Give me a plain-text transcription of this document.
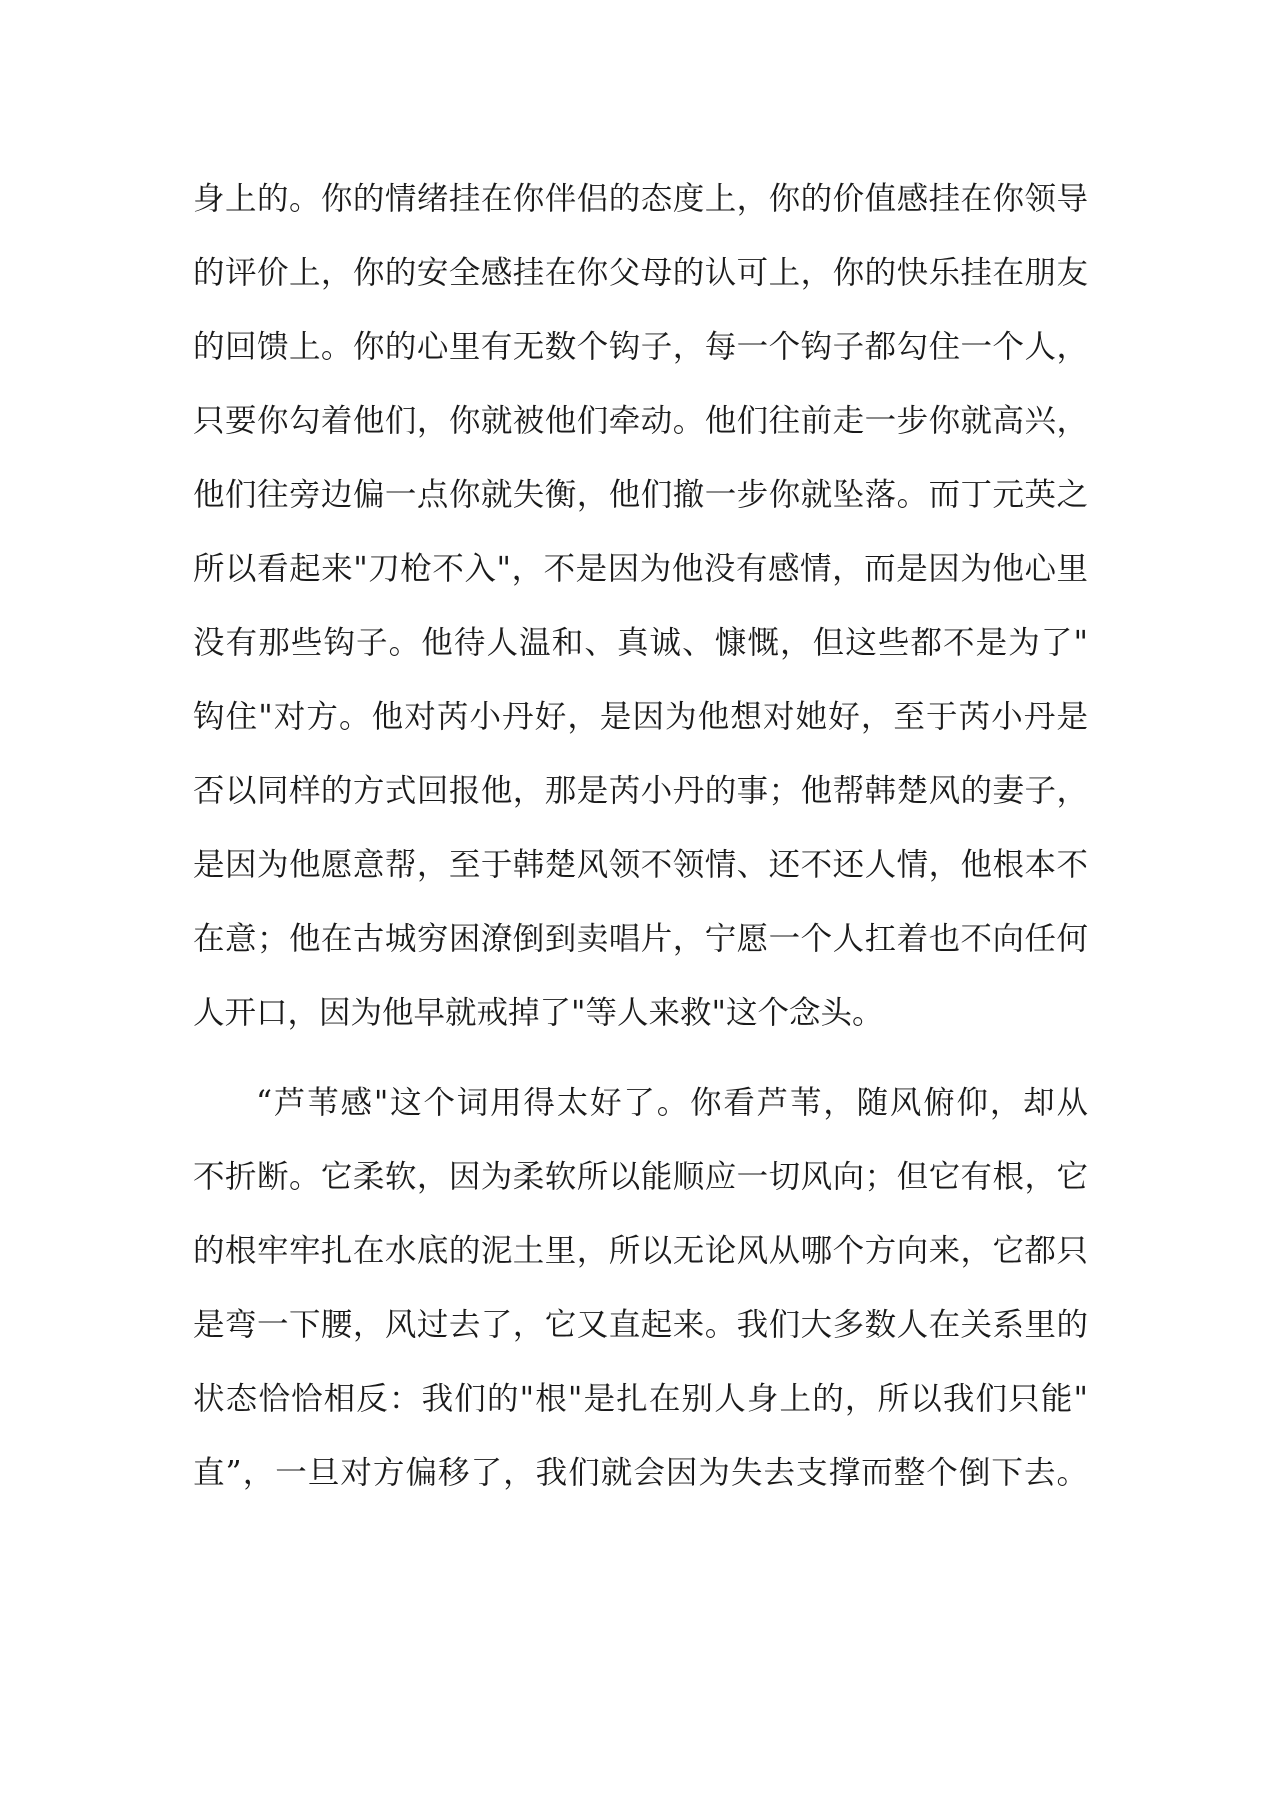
身上的。你的情绪挂在你伴侣的态度上，你的价值感挂在你领导
的评价上，你的安全感挂在你父母的认可上，你的快乐挂在朋友
的回馈上。你的心里有无数个钩子，每一个钩子都勾住一个人，
只要你勾着他们，你就被他们牵动。他们往前走一步你就高兴，
他们往旁边偏一点你就失衡，他们撤一步你就坠落。而丁元英之
所以看起来"刀枪不入"，不是因为他没有感情，而是因为他心里
没有那些钩子。他待人温和、真诚、慷慨，但这些都不是为了"
钩住"对方。他对芮小丹好，是因为他想对她好，至于芮小丹是
否以同样的方式回报他，那是芮小丹的事；他帮韩楚风的妻子，
是因为他愿意帮，至于韩楚风领不领情、还不还人情，他根本不
在意；他在古城穷困潦倒到卖唱片，宁愿一个人扛着也不向任何
人开口，因为他早就戒掉了"等人来救"这个念头。
“芦苇感"这个词用得太好了。你看芦苇，随风俯仰，却从
不折断。它柔软，因为柔软所以能顺应一切风向；但它有根，它
的根牢牢扎在水底的泥土里，所以无论风从哪个方向来，它都只
是弯一下腰，风过去了，它又直起来。我们大多数人在关系里的
状态恰恰相反：我们的"根"是扎在别人身上的，所以我们只能"
直”，一旦对方偏移了，我们就会因为失去支撑而整个倒下去。
